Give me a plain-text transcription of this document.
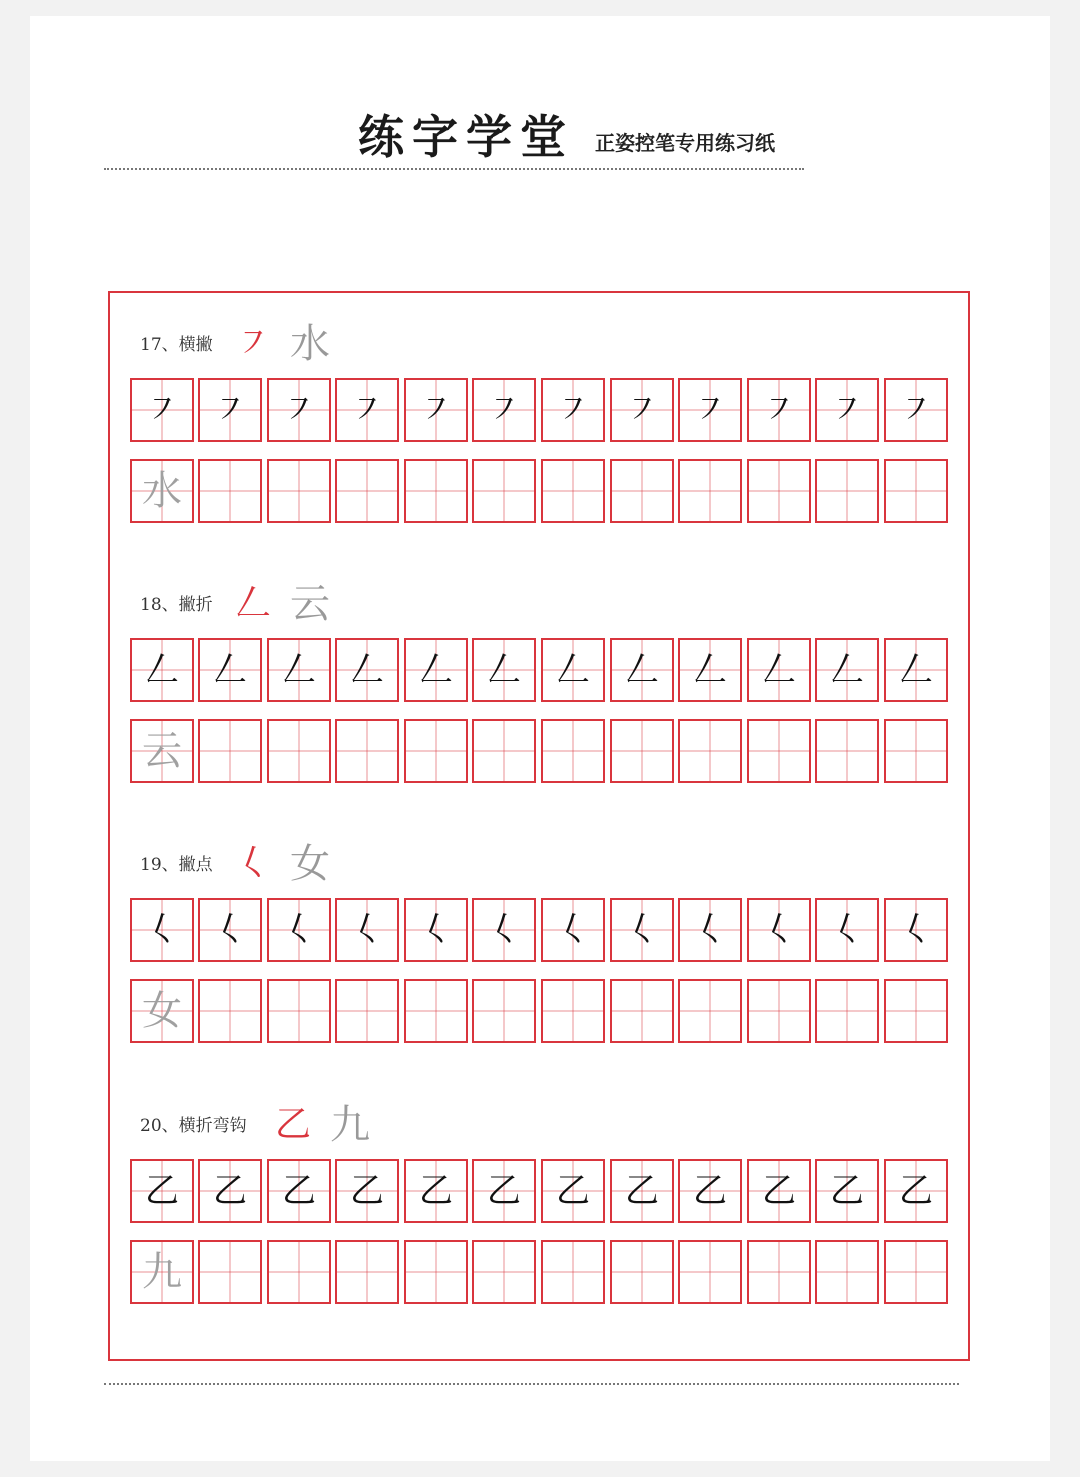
练字学堂 正姿控笔专用练习纸
17、横撇 ㇇ 水
㇇ ㇇ ㇇ ㇇ ㇇ ㇇ ㇇ ㇇ ㇇ ㇇ ㇇ ㇇
水
18、撇折 𠃋 云
𠃋 𠃋 𠃋 𠃋 𠃋 𠃋 𠃋 𠃋 𠃋 𠃋 𠃋 𠃋
云
19、撇点 𡿨 女
𡿨 𡿨 𡿨 𡿨 𡿨 𡿨 𡿨 𡿨 𡿨 𡿨 𡿨 𡿨
女
20、横折弯钩 乙 九
乙 乙 乙 乙 乙 乙 乙 乙 乙 乙 乙 乙
九
